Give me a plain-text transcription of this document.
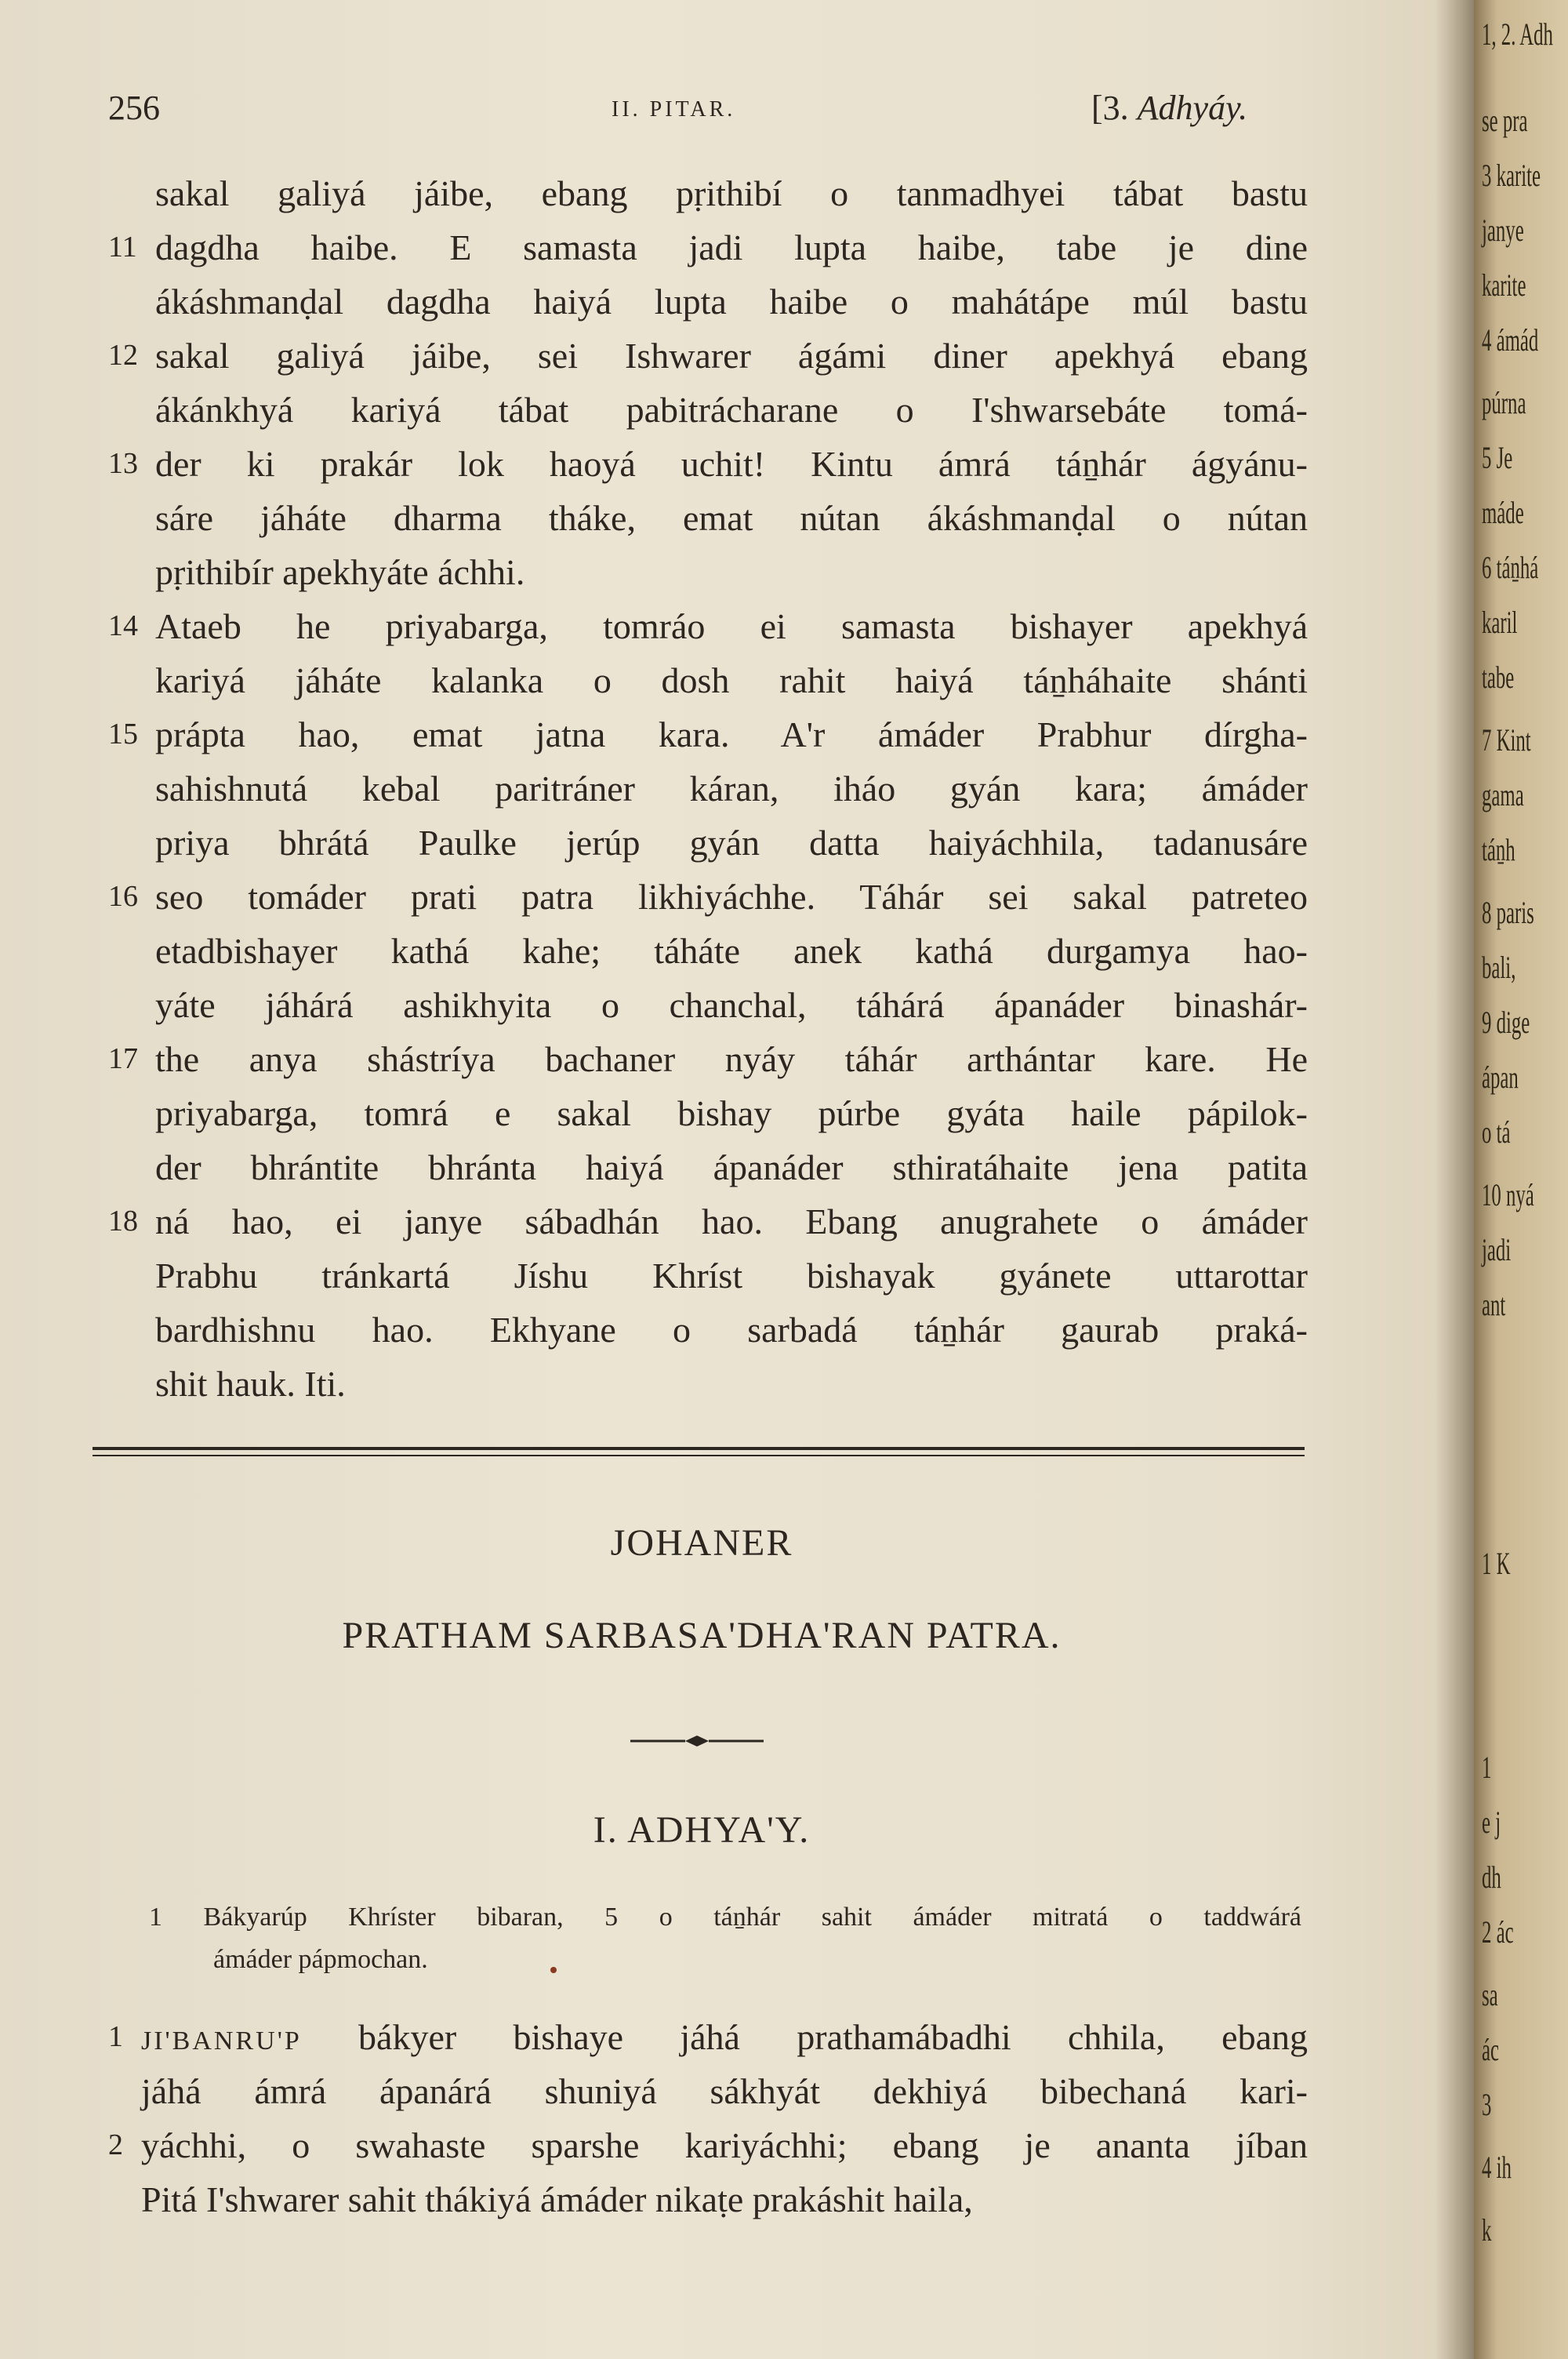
256	II. PITAR.	[3. Adhyáy.
sakal galiyá jáibe, ebang pṛithibí o tanmadhyei tábat bastu
11 dagdha haibe. E samasta jadi lupta haibe, tabe je dine
ákáshmanḍal dagdha haiyá lupta haibe o mahátápe múl bastu
12 sakal galiyá jáibe, sei Ishwarer ágámi diner apekhyá ebang
ákánkhyá kariyá tábat pabitrácharane o I'shwarsebáte tomá-
13 der ki prakár lok haoyá uchit! Kintu ámrá táṉhár ágyánu-
sáre jáháte dharma tháke, emat nútan ákáshmanḍal o nútan
pṛithibír apekhyáte áchhi.
14 Ataeb he priyabarga, tomráo ei samasta bishayer apekhyá
kariyá jáháte kalanka o dosh rahit haiyá táṉháhaite shánti
15 prápta hao, emat jatna kara. A'r ámáder Prabhur dírgha-
sahishnutá kebal paritráner káran, iháo gyán kara; ámáder
priya bhrátá Paulke jerúp gyán datta haiyáchhila, tadanusáre
16 seo tomáder prati patra likhiyáchhe. Táhár sei sakal patreteo
etadbishayer kathá kahe; táháte anek kathá durgamya hao-
yáte jáhárá ashikhyita o chanchal, táhárá ápanáder binashár-
17 the anya shástríya bachaner nyáy táhár arthántar kare. He
priyabarga, tomrá e sakal bishay púrbe gyáta haile pápilok-
der bhrántite bhránta haiyá ápanáder sthiratáhaite jena patita
18 ná hao, ei janye sábadhán hao. Ebang anugrahete o ámáder
Prabhu tránkartá Jíshu Khríst bishayak gyánete uttarottar
bardhishnu hao. Ekhyane o sarbadá táṉhár gaurab praká-
shit hauk. Iti.
JOHANER
PRATHAM SARBASA'DHA'RAN PATRA.
I. ADHYA'Y.
1 Bákyarúp Khríster bibaran, 5 o táṉhár sahit ámáder mitratá o taddwárá
ámáder pápmochan.
1 JI'BANRU'P bákyer bishaye jáhá prathamábadhi chhila, ebang
jáhá ámrá ápanárá shuniyá sákhyát dekhiyá bibechaná kari-
2 yáchhi, o swahaste sparshe kariyáchhi; ebang je ananta jíban
Pitá I'shwarer sahit thákiyá ámáder nikaṭe prakáshit haila,
1, 2. Adh
se pra
3 karite
janye
karite
4 ámád
púrna
5 Je
máde
6 táṉhá
karil
tabe
7 Kint
gama
táṉh
8 paris
bali,
9 dige
ápan
o tá
10 nyá
jadi
ant
1 K
1
e j
dh
2 ác
sa
ác
3
4 ih
k
